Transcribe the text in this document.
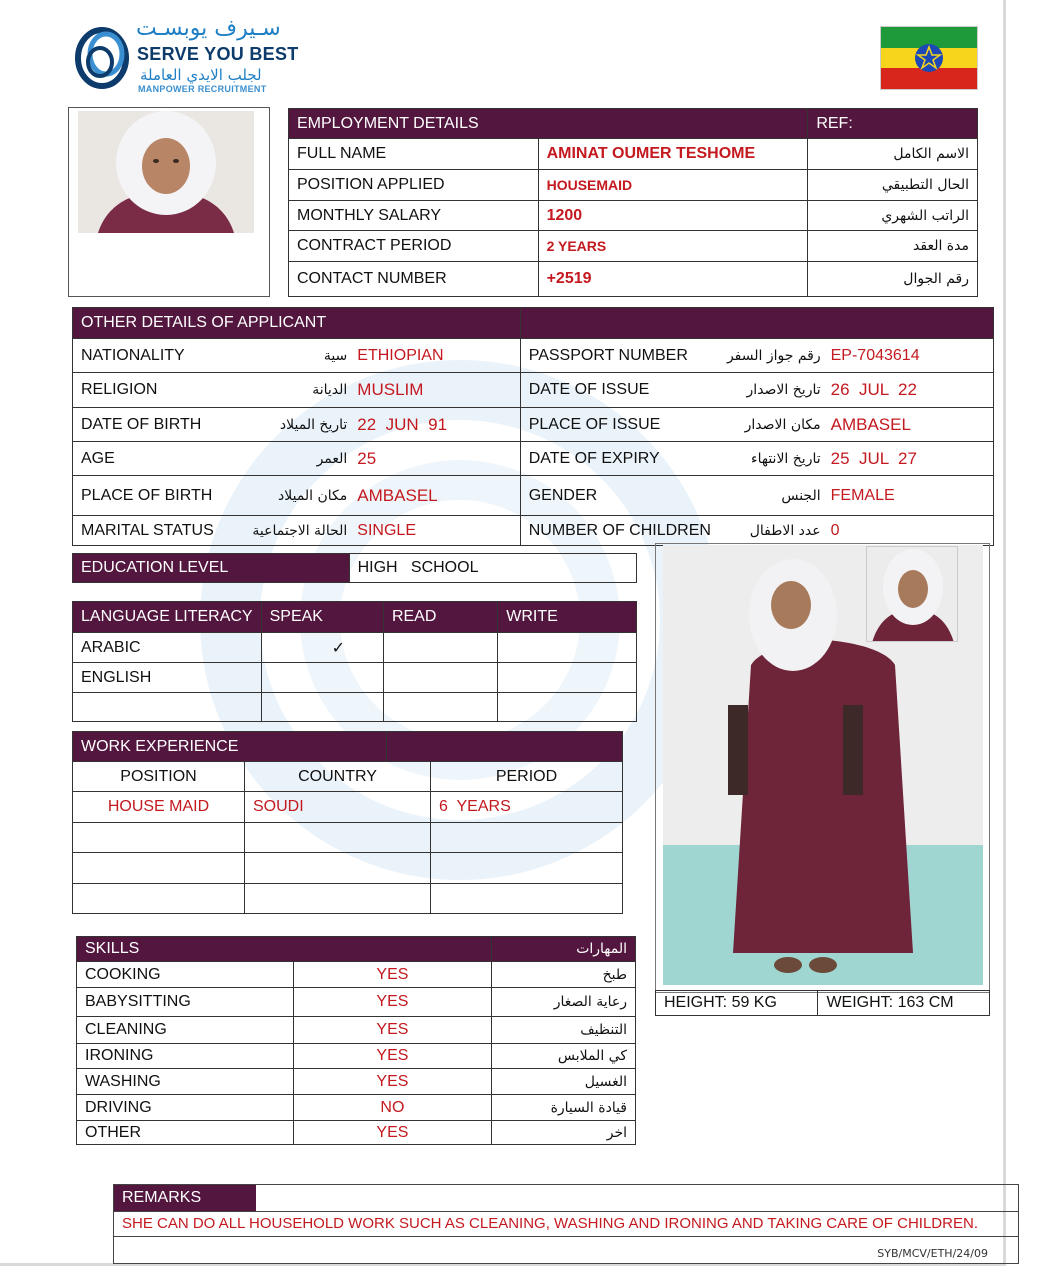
سـيرف يوبسـت
SERVE YOU BEST
لجلب الايدي العاملة
MANPOWER RECRUITMENT
EMPLOYMENT DETAILS		REF:
FULL NAME	AMINAT OUMER TESHOME	الاسم الكامل
POSITION APPLIED	HOUSEMAID	الحال التطبيقي
MONTHLY SALARY	1200	الراتب الشهري
CONTRACT PERIOD	2 YEARS	مدة العقد
CONTACT NUMBER	+2519	رقم الجوال
OTHER DETAILS OF APPLICANT					
NATIONALITY	سية	ETHIOPIAN	PASSPORT NUMBER	رقم جواز السفر	EP-7043614
RELIGION	الديانة	MUSLIM	DATE OF ISSUE	تاريخ الاصدار	26  JUL  22
DATE OF BIRTH	تاريخ الميلاد	22  JUN  91	PLACE OF ISSUE	مكان الاصدار	AMBASEL
AGE	العمر	25	DATE OF EXPIRY	تاريخ الانتهاء	25  JUL  27
PLACE OF BIRTH	مكان الميلاد	AMBASEL	GENDER	الجنس	FEMALE
MARITAL STATUS	الحالة الاجتماعية	SINGLE	NUMBER OF CHILDREN	عدد الاطفال	0
EDUCATION LEVEL	HIGH   SCHOOL
LANGUAGE LITERACY	SPEAK	READ	WRITE
ARABIC	✓		
ENGLISH			

WORK EXPERIENCE			
POSITION	COUNTRY		PERIOD
HOUSE MAID	SOUDI		6  YEARS

SKILLS		المهارات
COOKING	YES	طبخ
BABYSITTING	YES	رعاية الصغار
CLEANING	YES	التنظيف
IRONING	YES	كي الملابس
WASHING	YES	الغسيل
DRIVING	NO	قيادة السيارة
OTHER	YES	اخر
HEIGHT: 59 KG	WEIGHT: 163 CM
REMARKS
SHE CAN DO ALL HOUSEHOLD WORK SUCH AS CLEANING, WASHING AND IRONING AND TAKING CARE OF CHILDREN.
SYB/MCV/ETH/24/09
